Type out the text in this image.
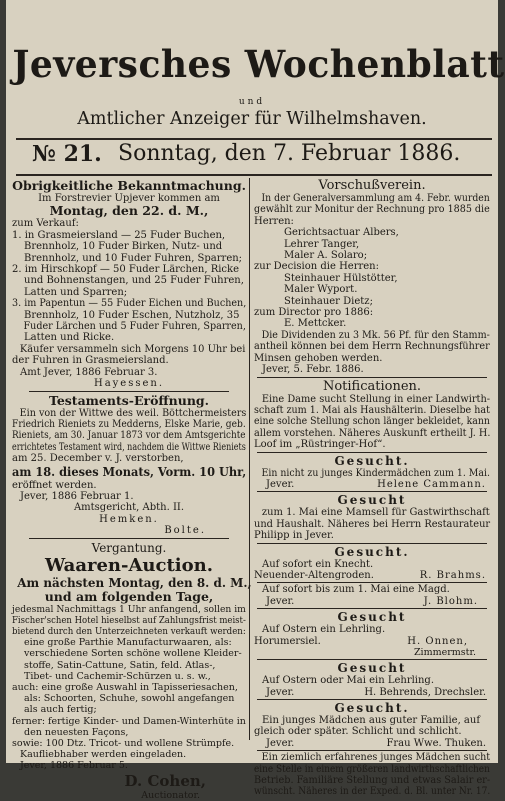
Jeversches Wochenblatt
und
Amtlicher Anzeiger für Wilhelmshaven.
№ 21. Sonntag, den 7. Februar 1886.
Obrigkeitliche Bekanntmachung.
Im Forstrevier Upjever kommen am
Montag, den 22. d. M.,
zum Verkauf:
1. in Grasmeiersland — 25 Fuder Buchen,
Brennholz, 10 Fuder Birken, Nutz- und
Brennholz, und 10 Fuder Fuhren, Sparren;
2. im Hirschkopf — 50 Fuder Lärchen, Ricke
und Bohnenstangen, und 25 Fuder Fuhren,
Latten und Sparren;
3. im Papentun — 55 Fuder Eichen und Buchen,
Brennholz, 10 Fuder Eschen, Nutzholz, 35
Fuder Lärchen und 5 Fuder Fuhren, Sparren,
Latten und Ricke.
Käufer versammeln sich Morgens 10 Uhr bei
der Fuhren in Grasmeiersland.
Amt Jever, 1886 Februar 3.
Hayessen.
Testaments-Eröffnung.
Ein von der Wittwe des weil. Böttchermeisters
Friedrich Rieniets zu Medderns, Elske Marie, geb.
Rieniets, am 30. Januar 1873 vor dem Amtsgerichte
errichtetes Testament wird, nachdem die Wittwe Rieniets
am 25. December v. J. verstorben,
am 18. dieses Monats, Vorm. 10 Uhr,
eröffnet werden.
Jever, 1886 Februar 1.
Amtsgericht, Abth. II.
Hemken.
Bolte.
Vergantung.
Waaren-Auction.
Am nächsten Montag, den 8. d. M.,
und am folgenden Tage,
jedesmal Nachmittags 1 Uhr anfangend, sollen im
Fischer'schen Hotel hieselbst auf Zahlungsfrist meist-
bietend durch den Unterzeichneten verkauft werden:
eine große Parthie Manufacturwaaren, als:
verschiedene Sorten schöne wollene Kleider-
stoffe, Satin-Cattune, Satin, feld. Atlas-,
Tibet- und Cachemir-Schürzen u. s. w.,
auch: eine große Auswahl in Tapisseriesachen,
als: Schoorten, Schuhe, sowohl angefangen
als auch fertig;
ferner: fertige Kinder- und Damen-Winterhüte in
den neuesten Façons,
sowie: 100 Dtz. Tricot- und wollene Strümpfe.
Kaufliebhaber werden eingeladen.
Jever, 1886 Februar 5.
D. Cohen,
Auctionator.
Vorschußverein.
In der Generalversammlung am 4. Febr. wurden
gewählt zur Monitur der Rechnung pro 1885 die
Herren:
Gerichtsactuar Albers,
Lehrer Tanger,
Maler A. Solaro;
zur Decision die Herren:
Steinhauer Hülstötter,
Maler Wyport.
Steinhauer Dietz;
zum Director pro 1886:
E. Mettcker.
Die Dividenden zu 3 Mk. 56 Pf. für den Stamm-
antheil können bei dem Herrn Rechnungsführer
Minsen gehoben werden.
Jever, 5. Febr. 1886.
Notificationen.
Eine Dame sucht Stellung in einer Landwirth-
schaft zum 1. Mai als Haushälterin. Dieselbe hat
eine solche Stellung schon länger bekleidet, kann
allem vorstehen. Näheres Auskunft ertheilt J. H.
Loof im „Rüstringer-Hof“.
Gesucht.
Ein nicht zu junges Kindermädchen zum 1. Mai.
Jever.	Helene Cammann.
Gesucht
zum 1. Mai eine Mamsell für Gastwirthschaft
und Haushalt. Näheres bei Herrn Restaurateur
Philipp in Jever.
Gesucht.
Auf sofort ein Knecht.
Neuender-Altengroden.	R. Brahms.
Auf sofort bis zum 1. Mai eine Magd.
Jever.	J. Blohm.
Gesucht
Auf Ostern ein Lehrling.
Horumersiel.	H. Onnen,
Zimmermstr.
Gesucht
Auf Ostern oder Mai ein Lehrling.
Jever.	H. Behrends, Drechsler.
Gesucht.
Ein junges Mädchen aus guter Familie, auf
gleich oder später. Schlicht und schlicht.
Jever.	Frau Wwe. Thuken.
Ein ziemlich erfahrenes junges Mädchen sucht
eine Stelle in einem größeren landwirthschaftlichen
Betrieb. Familiäre Stellung und etwas Salair er-
wünscht. Näheres in der Exped. d. Bl. unter Nr. 17.
